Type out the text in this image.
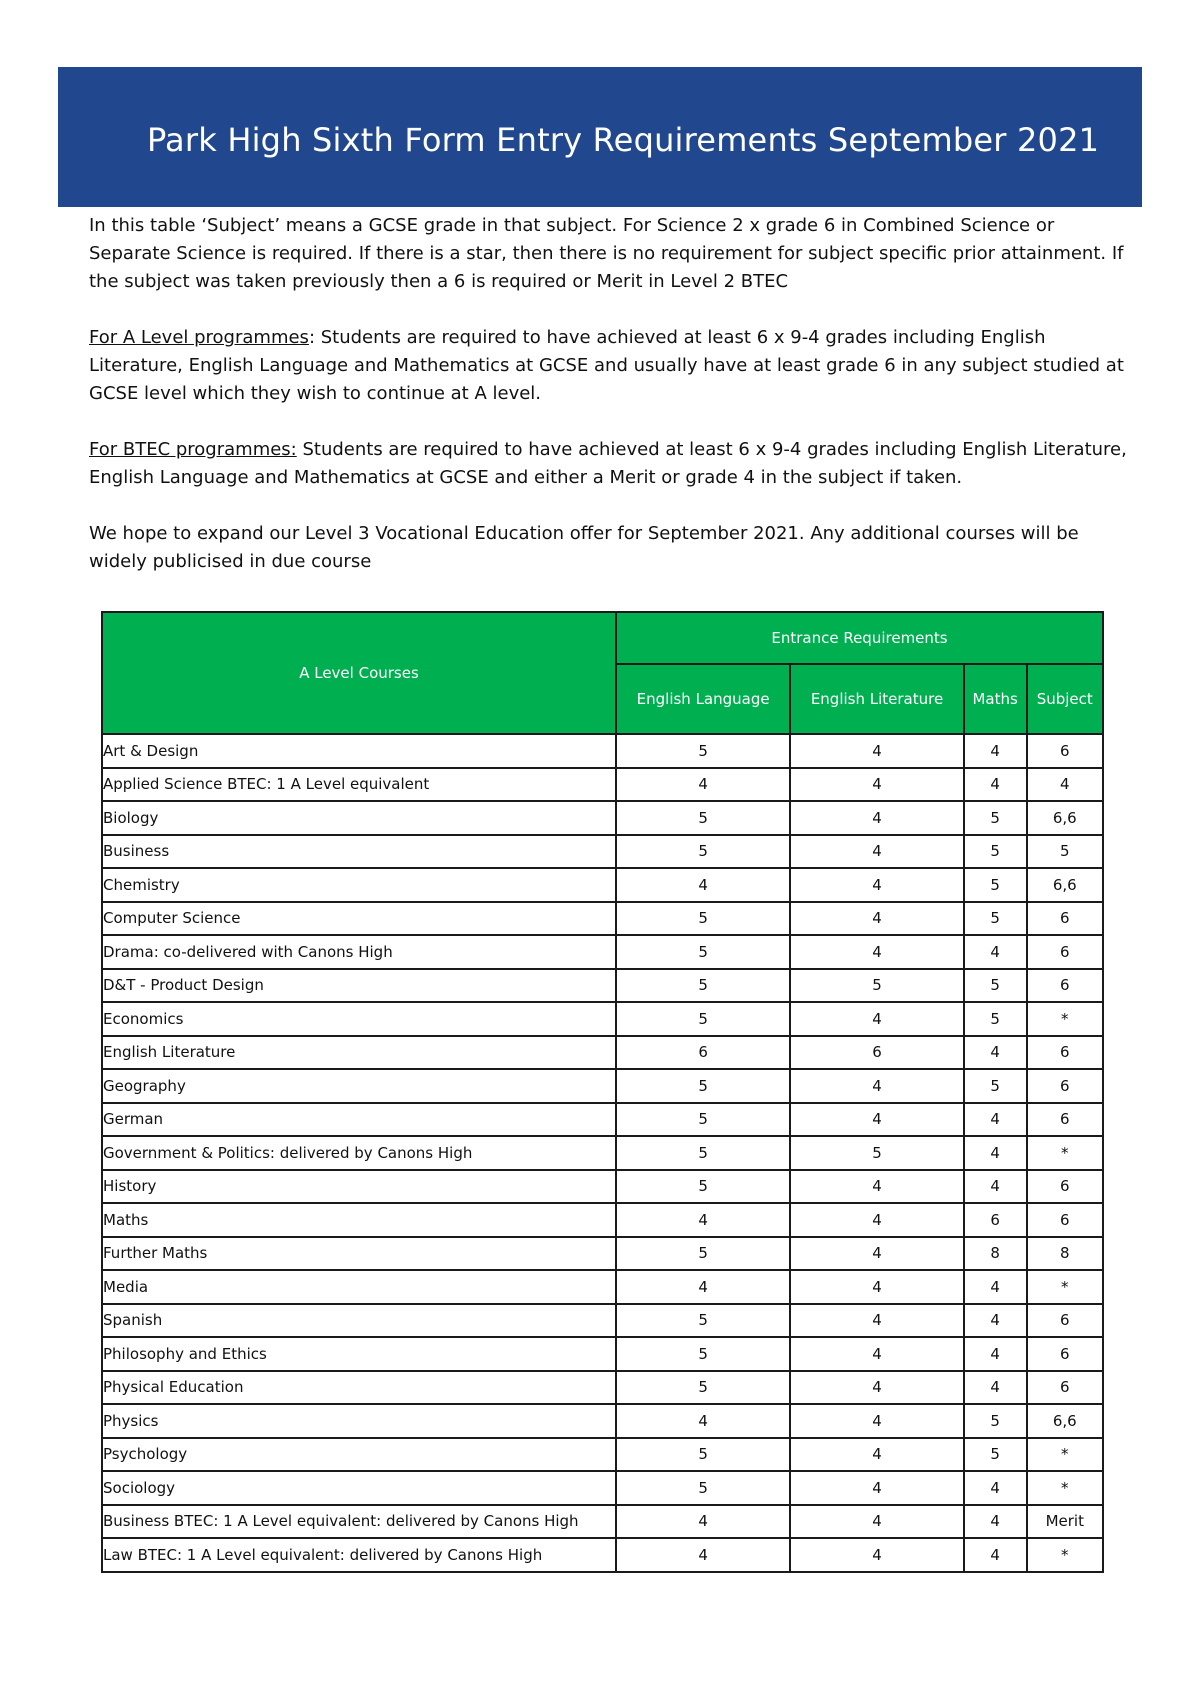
Park High Sixth Form Entry Requirements September 2021

In this table ‘Subject’ means a GCSE grade in that subject. For Science 2 x grade 6 in Combined Science or Separate Science is required. If there is a star, then there is no requirement for subject specific prior attainment. If the subject was taken previously then a 6 is required or Merit in Level 2 BTEC

For A Level programmes: Students are required to have achieved at least 6 x 9-4 grades including English Literature, English Language and Mathematics at GCSE and usually have at least grade 6 in any subject studied at GCSE level which they wish to continue at A level.

For BTEC programmes: Students are required to have achieved at least 6 x 9-4 grades including English Literature, English Language and Mathematics at GCSE and either a Merit or grade 4 in the subject if taken.

We hope to expand our Level 3 Vocational Education offer for September 2021. Any additional courses will be widely publicised in due course

A Level Courses	Entrance Requirements			
	English Language	English Literature	Maths	Subject
Art & Design	5	4	4	6
Applied Science BTEC: 1 A Level equivalent	4	4	4	4
Biology	5	4	5	6,6
Business	5	4	5	5
Chemistry	4	4	5	6,6
Computer Science	5	4	5	6
Drama: co-delivered with Canons High	5	4	4	6
D&T - Product Design	5	5	5	6
Economics	5	4	5	*
English Literature	6	6	4	6
Geography	5	4	5	6
German	5	4	4	6
Government & Politics: delivered by Canons High	5	5	4	*
History	5	4	4	6
Maths	4	4	6	6
Further Maths	5	4	8	8
Media	4	4	4	*
Spanish	5	4	4	6
Philosophy and Ethics	5	4	4	6
Physical Education	5	4	4	6
Physics	4	4	5	6,6
Psychology	5	4	5	*
Sociology	5	4	4	*
Business BTEC: 1 A Level equivalent: delivered by Canons High	4	4	4	Merit
Law BTEC: 1 A Level equivalent: delivered by Canons High	4	4	4	*
